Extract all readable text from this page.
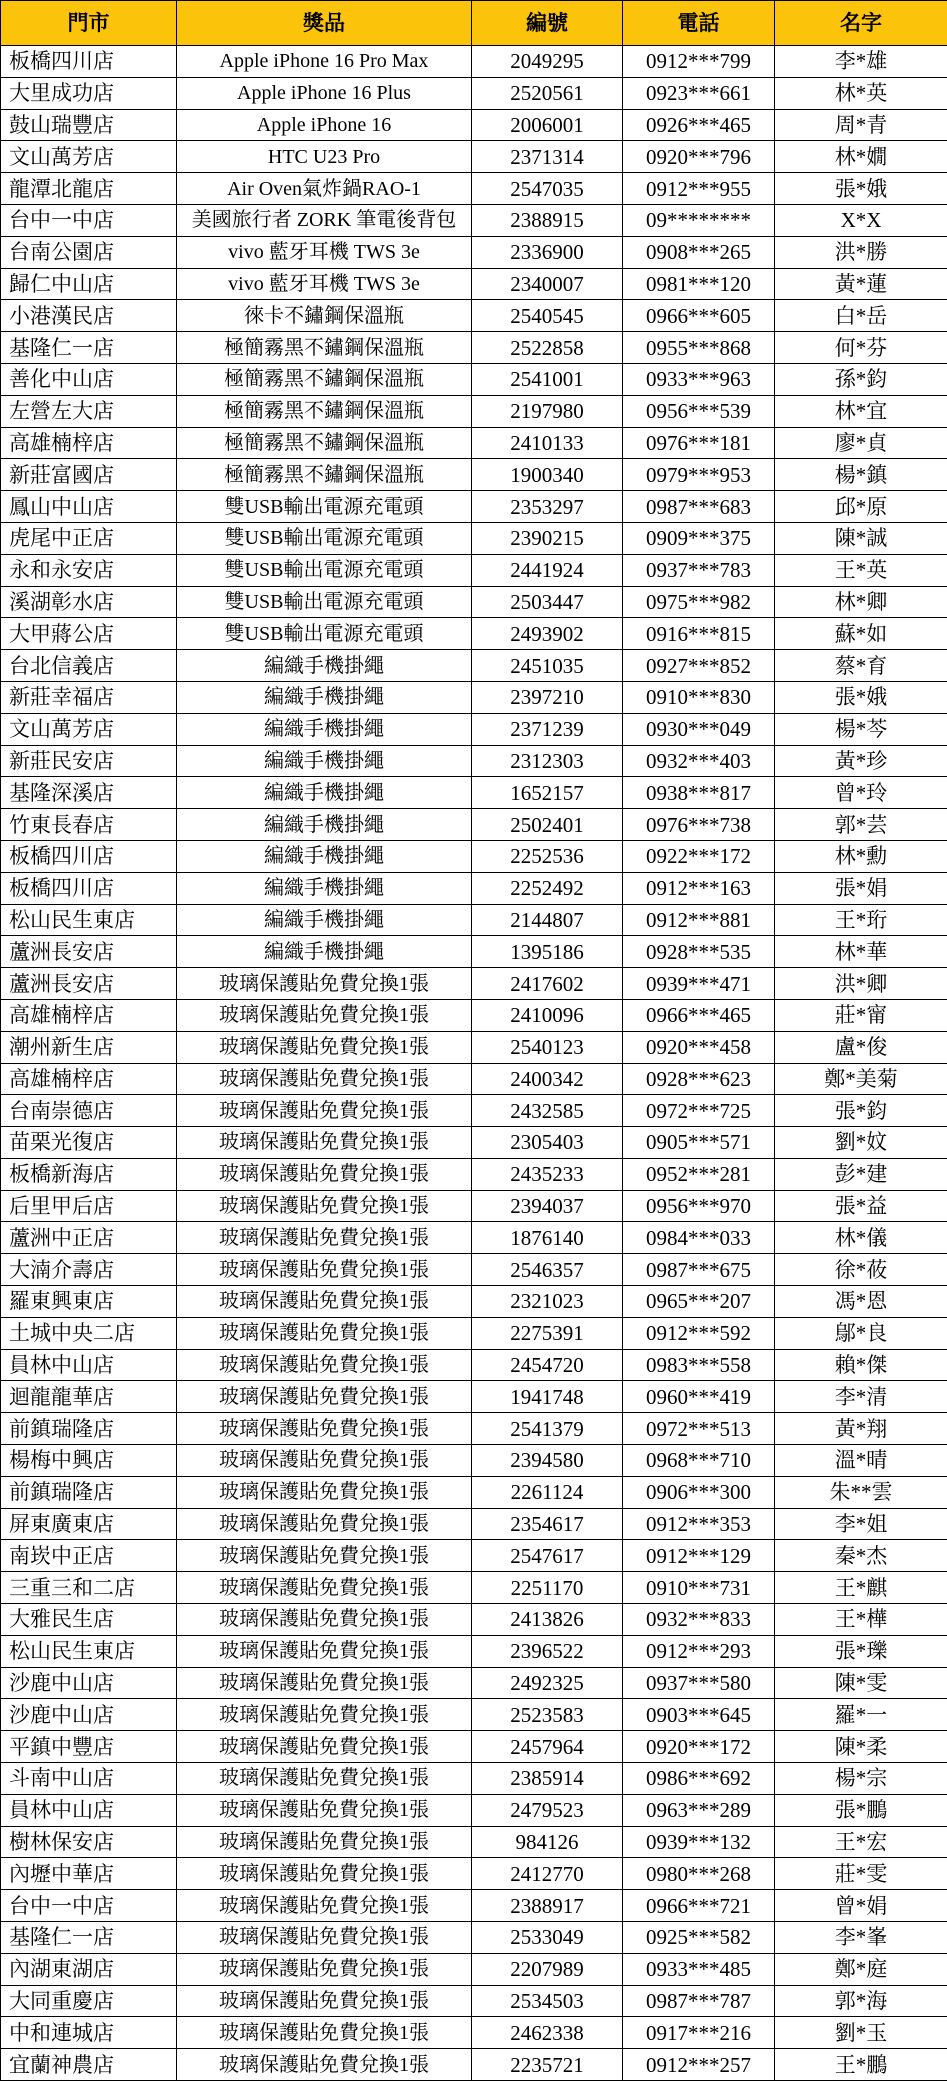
門市	獎品	編號	電話	名字
板橋四川店	Apple iPhone 16 Pro Max	2049295	0912***799	李*雄
大里成功店	Apple iPhone 16 Plus	2520561	0923***661	林*英
鼓山瑞豐店	Apple iPhone 16	2006001	0926***465	周*青
文山萬芳店	HTC U23 Pro	2371314	0920***796	林*嫺
龍潭北龍店	Air Oven氣炸鍋RAO-1	2547035	0912***955	張*娥
台中一中店	美國旅行者 ZORK 筆電後背包	2388915	09********	X*X
台南公園店	vivo 藍牙耳機 TWS 3e	2336900	0908***265	洪*勝
歸仁中山店	vivo 藍牙耳機 TWS 3e	2340007	0981***120	黃*蓮
小港漢民店	徠卡不鏽鋼保溫瓶	2540545	0966***605	白*岳
基隆仁一店	極簡霧黑不鏽鋼保溫瓶	2522858	0955***868	何*芬
善化中山店	極簡霧黑不鏽鋼保溫瓶	2541001	0933***963	孫*鈞
左營左大店	極簡霧黑不鏽鋼保溫瓶	2197980	0956***539	林*宜
高雄楠梓店	極簡霧黑不鏽鋼保溫瓶	2410133	0976***181	廖*貞
新莊富國店	極簡霧黑不鏽鋼保溫瓶	1900340	0979***953	楊*鎮
鳳山中山店	雙USB輸出電源充電頭	2353297	0987***683	邱*原
虎尾中正店	雙USB輸出電源充電頭	2390215	0909***375	陳*誠
永和永安店	雙USB輸出電源充電頭	2441924	0937***783	王*英
溪湖彰水店	雙USB輸出電源充電頭	2503447	0975***982	林*卿
大甲蔣公店	雙USB輸出電源充電頭	2493902	0916***815	蘇*如
台北信義店	編織手機掛繩	2451035	0927***852	蔡*育
新莊幸福店	編織手機掛繩	2397210	0910***830	張*娥
文山萬芳店	編織手機掛繩	2371239	0930***049	楊*芩
新莊民安店	編織手機掛繩	2312303	0932***403	黃*珍
基隆深溪店	編織手機掛繩	1652157	0938***817	曾*玲
竹東長春店	編織手機掛繩	2502401	0976***738	郭*芸
板橋四川店	編織手機掛繩	2252536	0922***172	林*勳
板橋四川店	編織手機掛繩	2252492	0912***163	張*娟
松山民生東店	編織手機掛繩	2144807	0912***881	王*珩
蘆洲長安店	編織手機掛繩	1395186	0928***535	林*華
蘆洲長安店	玻璃保護貼免費兌換1張	2417602	0939***471	洪*卿
高雄楠梓店	玻璃保護貼免費兌換1張	2410096	0966***465	莊*甯
潮州新生店	玻璃保護貼免費兌換1張	2540123	0920***458	盧*俊
高雄楠梓店	玻璃保護貼免費兌換1張	2400342	0928***623	鄭*美菊
台南崇德店	玻璃保護貼免費兌換1張	2432585	0972***725	張*鈞
苗栗光復店	玻璃保護貼免費兌換1張	2305403	0905***571	劉*妏
板橋新海店	玻璃保護貼免費兌換1張	2435233	0952***281	彭*建
后里甲后店	玻璃保護貼免費兌換1張	2394037	0956***970	張*益
蘆洲中正店	玻璃保護貼免費兌換1張	1876140	0984***033	林*儀
大湳介壽店	玻璃保護貼免費兌換1張	2546357	0987***675	徐*莜
羅東興東店	玻璃保護貼免費兌換1張	2321023	0965***207	馮*恩
土城中央二店	玻璃保護貼免費兌換1張	2275391	0912***592	鄔*良
員林中山店	玻璃保護貼免費兌換1張	2454720	0983***558	賴*傑
迴龍龍華店	玻璃保護貼免費兌換1張	1941748	0960***419	李*清
前鎮瑞隆店	玻璃保護貼免費兌換1張	2541379	0972***513	黃*翔
楊梅中興店	玻璃保護貼免費兌換1張	2394580	0968***710	溫*晴
前鎮瑞隆店	玻璃保護貼免費兌換1張	2261124	0906***300	朱**雲
屏東廣東店	玻璃保護貼免費兌換1張	2354617	0912***353	李*姐
南崁中正店	玻璃保護貼免費兌換1張	2547617	0912***129	秦*杰
三重三和二店	玻璃保護貼免費兌換1張	2251170	0910***731	王*麒
大雅民生店	玻璃保護貼免費兌換1張	2413826	0932***833	王*樺
松山民生東店	玻璃保護貼免費兌換1張	2396522	0912***293	張*瓅
沙鹿中山店	玻璃保護貼免費兌換1張	2492325	0937***580	陳*雯
沙鹿中山店	玻璃保護貼免費兌換1張	2523583	0903***645	羅*一
平鎮中豐店	玻璃保護貼免費兌換1張	2457964	0920***172	陳*柔
斗南中山店	玻璃保護貼免費兌換1張	2385914	0986***692	楊*宗
員林中山店	玻璃保護貼免費兌換1張	2479523	0963***289	張*鵬
樹林保安店	玻璃保護貼免費兌換1張	984126	0939***132	王*宏
內壢中華店	玻璃保護貼免費兌換1張	2412770	0980***268	莊*雯
台中一中店	玻璃保護貼免費兌換1張	2388917	0966***721	曾*娟
基隆仁一店	玻璃保護貼免費兌換1張	2533049	0925***582	李*峯
內湖東湖店	玻璃保護貼免費兌換1張	2207989	0933***485	鄭*庭
大同重慶店	玻璃保護貼免費兌換1張	2534503	0987***787	郭*海
中和連城店	玻璃保護貼免費兌換1張	2462338	0917***216	劉*玉
宜蘭神農店	玻璃保護貼免費兌換1張	2235721	0912***257	王*鵬
